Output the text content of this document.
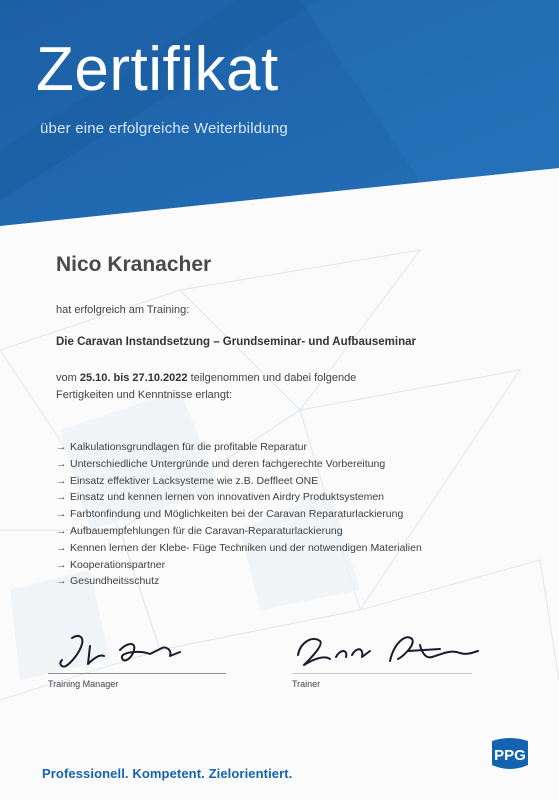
Zertifikat

über eine erfolgreiche Weiterbildung

Nico Kranacher

hat erfolgreich am Training:

Die Caravan Instandsetzung – Grundseminar- und Aufbauseminar

vom 25.10. bis 27.10.2022 teilgenommen und dabei folgende

Fertigkeiten und Kenntnisse erlangt:

→ Kalkulationsgrundlagen für die profitable Reparatur
→ Unterschiedliche Untergründe und deren fachgerechte Vorbereitung
→ Einsatz effektiver Lacksysteme wie z.B. Deffleet ONE
→ Einsatz und kennen lernen von innovativen Airdry Produktsystemen
→ Farbtonfindung und Möglichkeiten bei der Caravan Reparaturlackierung
→ Aufbauempfehlungen für die Caravan-Reparaturlackierung
→ Kennen lernen der Klebe- Füge Techniken und der notwendigen Materialien
→ Kooperationspartner
→ Gesundheitsschutz

Training Manager	Trainer

PPG

Professionell. Kompetent. Zielorientiert.
